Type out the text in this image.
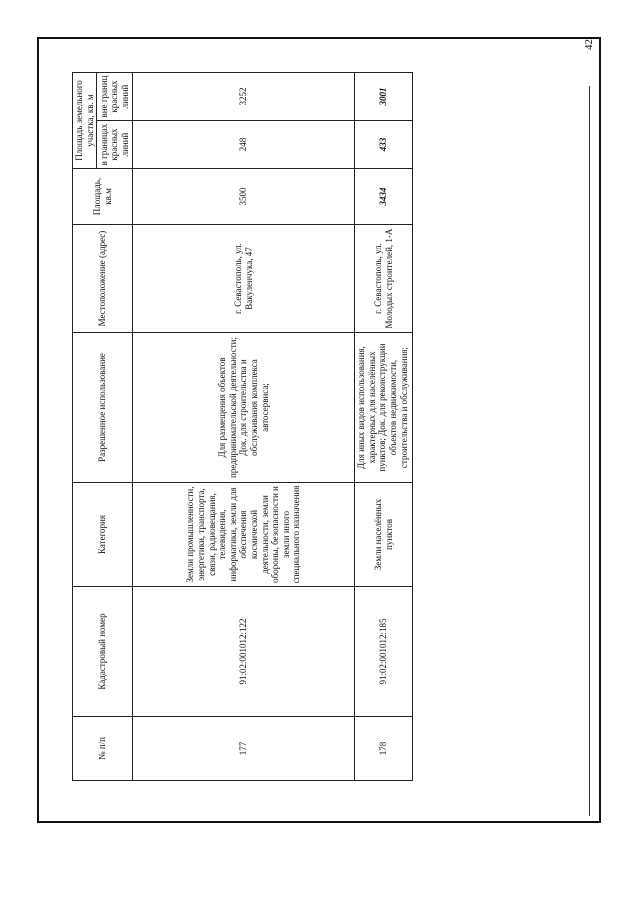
42
№ п/п	Кадастровый номер	Категория	Разрешенное использование	Местоположение (адрес)	Площадь, кв.м	Площадь земельного участка, кв. м	
						в границах красных линий	вне границ красных линий
177	91:02:001012:122	Земли промышленности, энергетики, транспорта, связи, радиовещания, телевидения, информатики, земли для обеспечения космической деятельности, земли обороны, безопасности и земли иного специального назначения	Для размещения объектов предпринимательской деятельности; Док. для строительства и обслуживания комплекса автосервиса;	г. Севастополь, ул. Вакуленчука, 47	3500	248	3252
178	91:02:001012:185	Земли населённых пунктов	Для иных видов использования, характерных для населённых пунктов; Док. для реконструкции объектов недвижимости, строительства и обслуживания;	г. Севастополь, ул. Молодых строителей, 1-А	3434	433	3001
